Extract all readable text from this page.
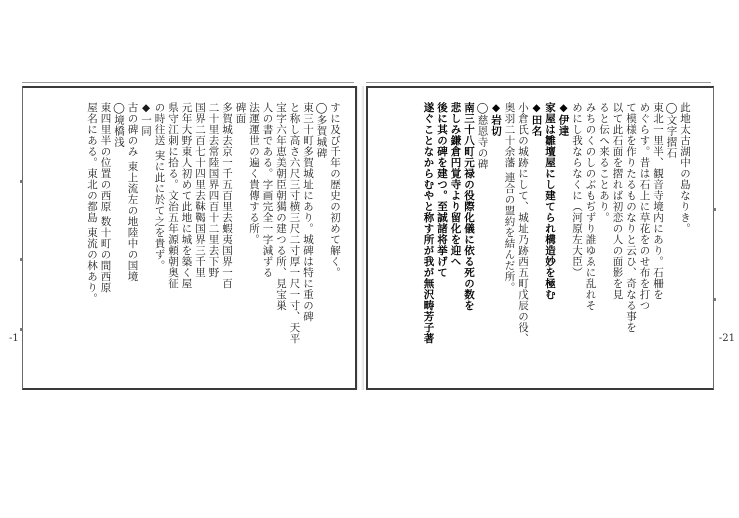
すに及び千年の歴史の初めて解く。
◯多賀城碑
東三十町多賀城址にあり。城碑は特に重の碑
と称し高さ六尺三寸横三尺二寸厚一尺一寸、天平
宝字六年恵美朝臣朝獦の建つる所、見宝巣
人の書である。字画完全一字減ずる
法運運世の遍く貴傳する所。
碑面
多賀城去京一千五百里去蝦夷国界一百
二十里去常陸国界四百十二里去下野
国界二百七十四里去靺鞨国界三千里
元年大野東人初めて此地に城を築く屋
県守江刺に拾る。文治五年源頼朝奥征
の時往送 実に此に於て之を貴ず。
◆一同
古の碑のみ 東上流左の地陸中の国境
◯境橋浅
東四里半の位置の西原 数十町の間西原
屋名にある。東北の都島 東流の林あり。
-1
此地太古湖中の島なりき。
◯文字摺石
東北一里半、観音寺境内にあり。石柵を
めぐらす。昔は石上に草花をのせ布を打つ
て模様を作りたるものなりと云ひ、奇なる事を
以て此石面を摺れば初恋の人の面影を見
ると伝へ来ることあり。
みちのくのしのぶもぢずり誰ゆゑに乱れそ
めにし我ならなくに（河原左大臣）
◆伊達
家屋は雛壇屋にし建てられ構造妙を極む
◆田名
小倉氏の城跡にして、城址乃跡西五町戊辰の役、
奥羽二十余藩 連合の盟約を結んだ所。
◆岩切
◯慈恩寺の碑
南三十八町元禄の役際化儀に依る死の数を
悲しみ鎌倉円覚寺より留化を迎へ
後に其の碑を建つ。至誠諸将挙げて
遂ぐことなからむやと称す所が我が無沢畴芳子著	-21
